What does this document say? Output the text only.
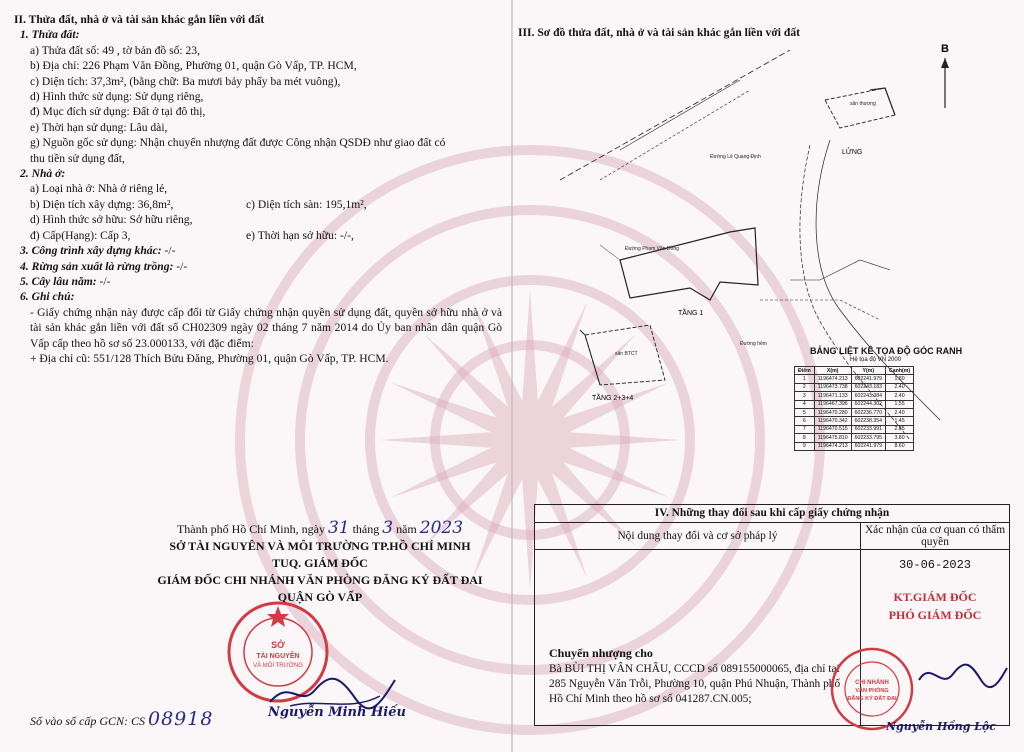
II. Thửa đất, nhà ở và tài sản khác gắn liền với đất
1. Thửa đất:
a) Thửa đất số: 49 , tờ bản đồ số: 23,
b) Địa chỉ: 226 Phạm Văn Đồng, Phường 01, quận Gò Vấp, TP. HCM,
c) Diện tích: 37,3m², (bằng chữ: Ba mươi bảy phẩy ba mét vuông),
d) Hình thức sử dụng: Sử dụng riêng,
đ) Mục đích sử dụng: Đất ở tại đô thị,
e) Thời hạn sử dụng: Lâu dài,
g) Nguồn gốc sử dụng: Nhận chuyển nhượng đất được Công nhận QSDĐ như giao đất có
thu tiền sử dụng đất,
2. Nhà ở:
a) Loại nhà ở: Nhà ở riêng lẻ,
b) Diện tích xây dựng: 36,8m²,	c) Diện tích sàn: 195,1m²,
d) Hình thức sở hữu: Sở hữu riêng,
đ) Cấp(Hạng): Cấp 3,	e) Thời hạn sở hữu: -/-,
3. Công trình xây dựng khác: -/-
4. Rừng sản xuất là rừng trồng: -/-
5. Cây lâu năm: -/-
6. Ghi chú:
- Giấy chứng nhận này được cấp đổi từ Giấy chứng nhận quyền sử dụng đất, quyền sở hữu nhà ở và tài sản khác gắn liền với đất số CH02309 ngày 02 tháng 7 năm 2014 do Ủy ban nhân dân quận Gò Vấp cấp theo hồ sơ số 23.000133, với đặc điểm:
+ Địa chỉ cũ: 551/128 Thích Bửu Đăng, Phường 01, quận Gò Vấp, TP. HCM.
Thành phố Hồ Chí Minh, ngày 31 tháng 3 năm 2023
SỞ TÀI NGUYÊN VÀ MÔI TRƯỜNG TP.HỒ CHÍ MINH
TUQ. GIÁM ĐỐC
GIÁM ĐỐC CHI NHÁNH VĂN PHÒNG ĐĂNG KÝ ĐẤT ĐAI
QUẬN GÒ VẤP
SỞ
TÀI NGUYÊN
VÀ MÔI TRƯỜNG
Nguyễn Minh Hiếu
Số vào sổ cấp GCN: CS 08918
III. Sơ đồ thửa đất, nhà ở và tài sản khác gắn liền với đất
B
Đường Phạm Văn Đồng
Đường Lê Quang Định
Đường hẻm
sân thượng
sân BTCT
LỬNG
TẦNG 1
TẦNG 2+3+4
BẢNG LIỆT KÊ TỌA ĐỘ GÓC RANH
Hệ tọa độ VN 2000
Điểm	X(m)	Y(m)	Cạnh(m)
1	1196474.213	602241.979	1.80
2	1196473.738	602243.183	2.40
3	1196471.133	602243.384	2.40
4	1196467.396	602244.302	1.55
5	1196470.280	602236.770	2.40
6	1196470.342	602238.354	1.45
7	1196470.515	602233.991	2.85
8	1196475.810	602233.795	3.80
9	1196474.213	602241.979	8.60
IV. Những thay đổi sau khi cấp giấy chứng nhận
Nội dung thay đổi và cơ sở pháp lý	Xác nhận của cơ quan có thẩm quyền
Chuyển nhượng cho
Bà BÙI THỊ VÂN CHÂU, CCCD số 089155000065, địa chỉ tại 285 Nguyễn Văn Trỗi, Phường 10, quận Phú Nhuận, Thành phố Hồ Chí Minh theo hồ sơ số 041287.CN.005;
CHI NHÁNH
VĂN PHÒNG
ĐĂNG KÝ ĐẤT ĐAI
30-06-2023
KT.GIÁM ĐỐC
PHÓ GIÁM ĐỐC
Nguyễn Hồng Lộc
